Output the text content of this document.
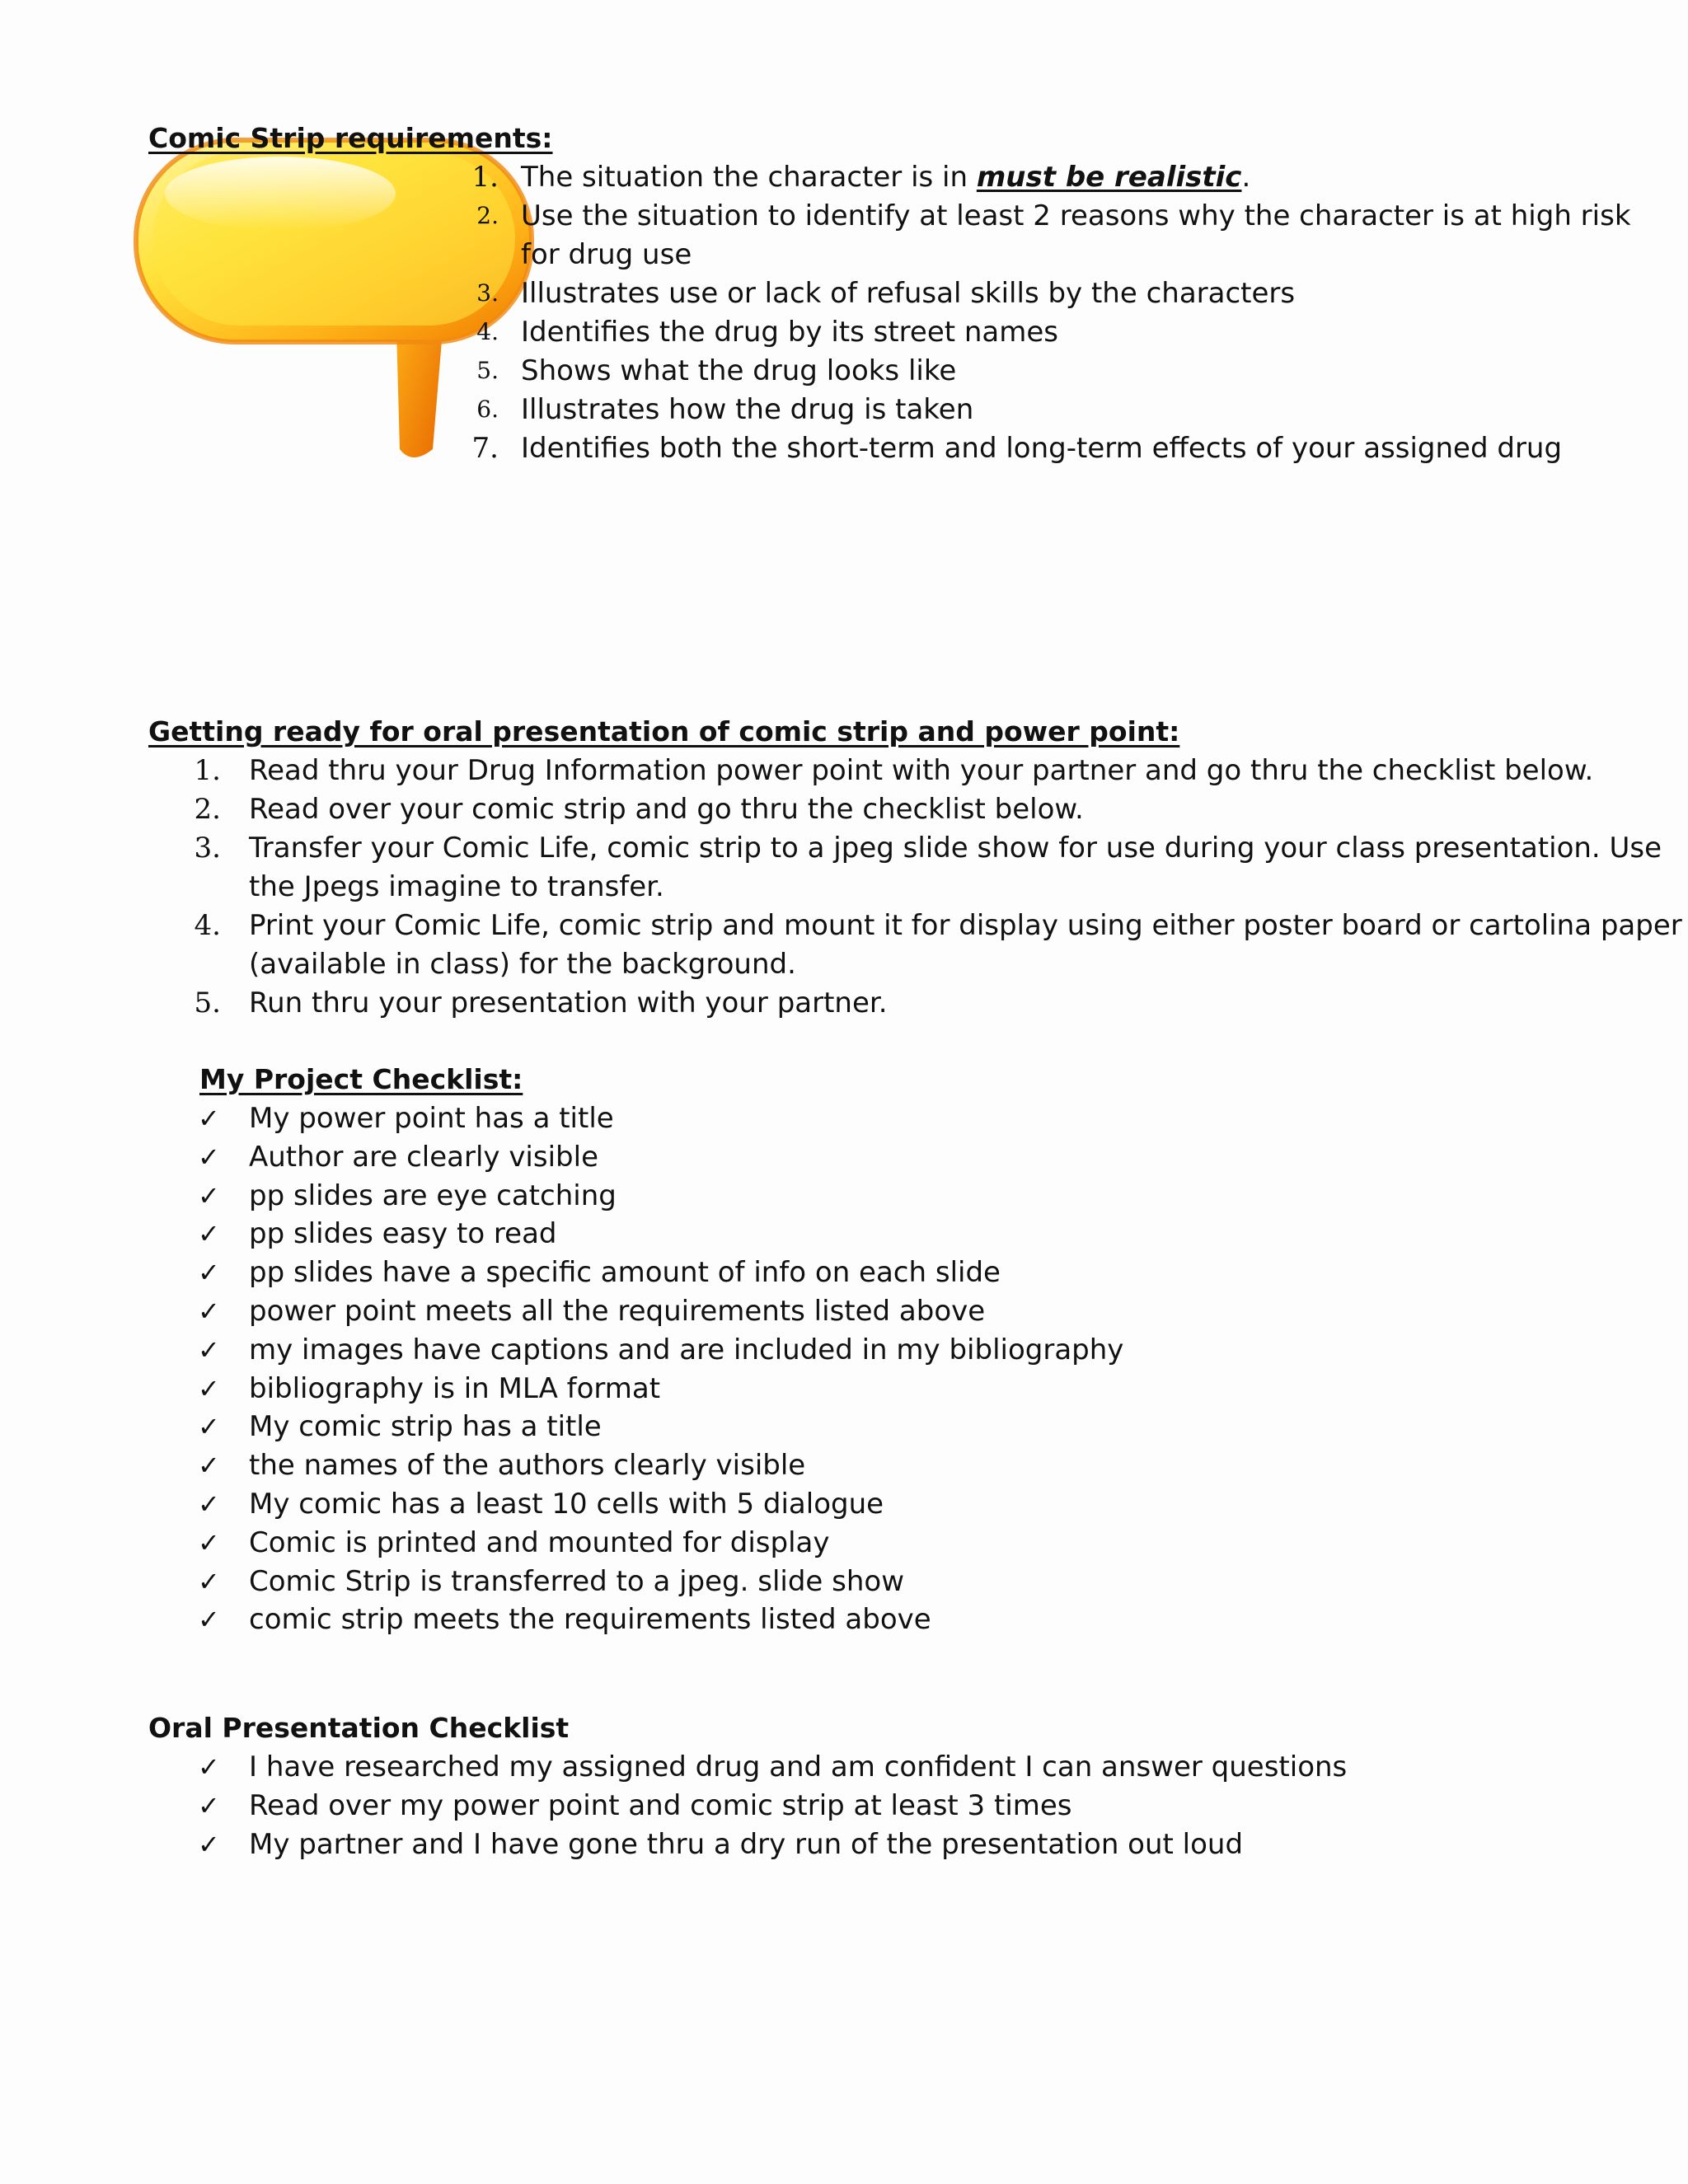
Comic Strip requirements:
1. The situation the character is in must be realistic.
2. Use the situation to identify at least 2 reasons why the character is at high risk
for drug use
3. Illustrates use or lack of refusal skills by the characters
4. Identifies the drug by its street names
5. Shows what the drug looks like
6. Illustrates how the drug is taken
7. Identifies both the short-term and long-term effects of your assigned drug
Getting ready for oral presentation of comic strip and power point:
1. Read thru your Drug Information power point with your partner and go thru the checklist below.
2. Read over your comic strip and go thru the checklist below.
3. Transfer your Comic Life, comic strip to a jpeg slide show for use during your class presentation. Use
the Jpegs imagine to transfer.
4. Print your Comic Life, comic strip and mount it for display using either poster board or cartolina paper
(available in class) for the background.
5. Run thru your presentation with your partner.
My Project Checklist:
✓ My power point has a title
✓ Author are clearly visible
✓ pp slides are eye catching
✓ pp slides easy to read
✓ pp slides have a specific amount of info on each slide
✓ power point meets all the requirements listed above
✓ my images have captions and are included in my bibliography
✓ bibliography is in MLA format
✓ My comic strip has a title
✓ the names of the authors clearly visible
✓ My comic has a least 10 cells with 5 dialogue
✓ Comic is printed and mounted for display
✓ Comic Strip is transferred to a jpeg. slide show
✓ comic strip meets the requirements listed above
Oral Presentation Checklist
✓ I have researched my assigned drug and am confident I can answer questions
✓ Read over my power point and comic strip at least 3 times
✓ My partner and I have gone thru a dry run of the presentation out loud
